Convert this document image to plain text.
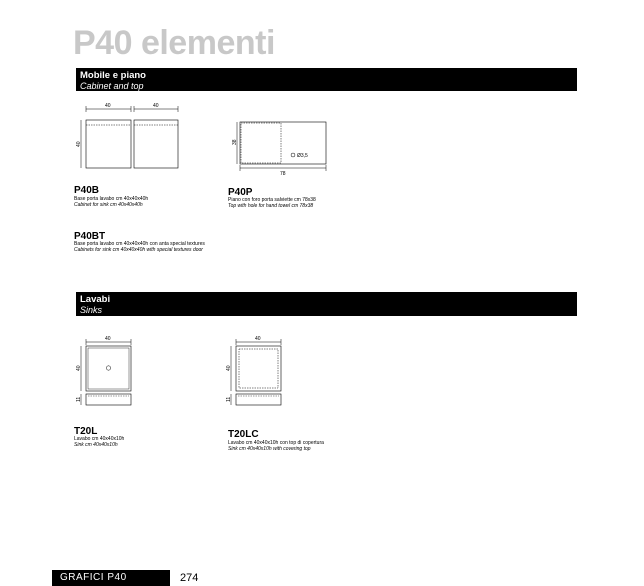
P40 elementi
Mobile e piano
Cabinet and top
40	40
40
Ø3,5
38
78
P40B
Base porta lavabo cm 40x40x40h
Cabinet for sink cm 40x40x40h
P40P
Piano con foro porta salviette cm 78x38
Top with hole for hand towel cm 78x38
P40BT
Base porta lavabo cm 40x40x40h con anta special textures
Cabinets for sink cm 40x40x40h with special textures door
Lavabi
Sinks
40
40
11
40
40
11
T20L
Lavabo cm 40x40x10h
Sink cm 40x40x10h
T20LC
Lavabo cm 40x40x10h con top di copertura
Sink cm 40x40x10h with covering top
GRAFICI P40	274
